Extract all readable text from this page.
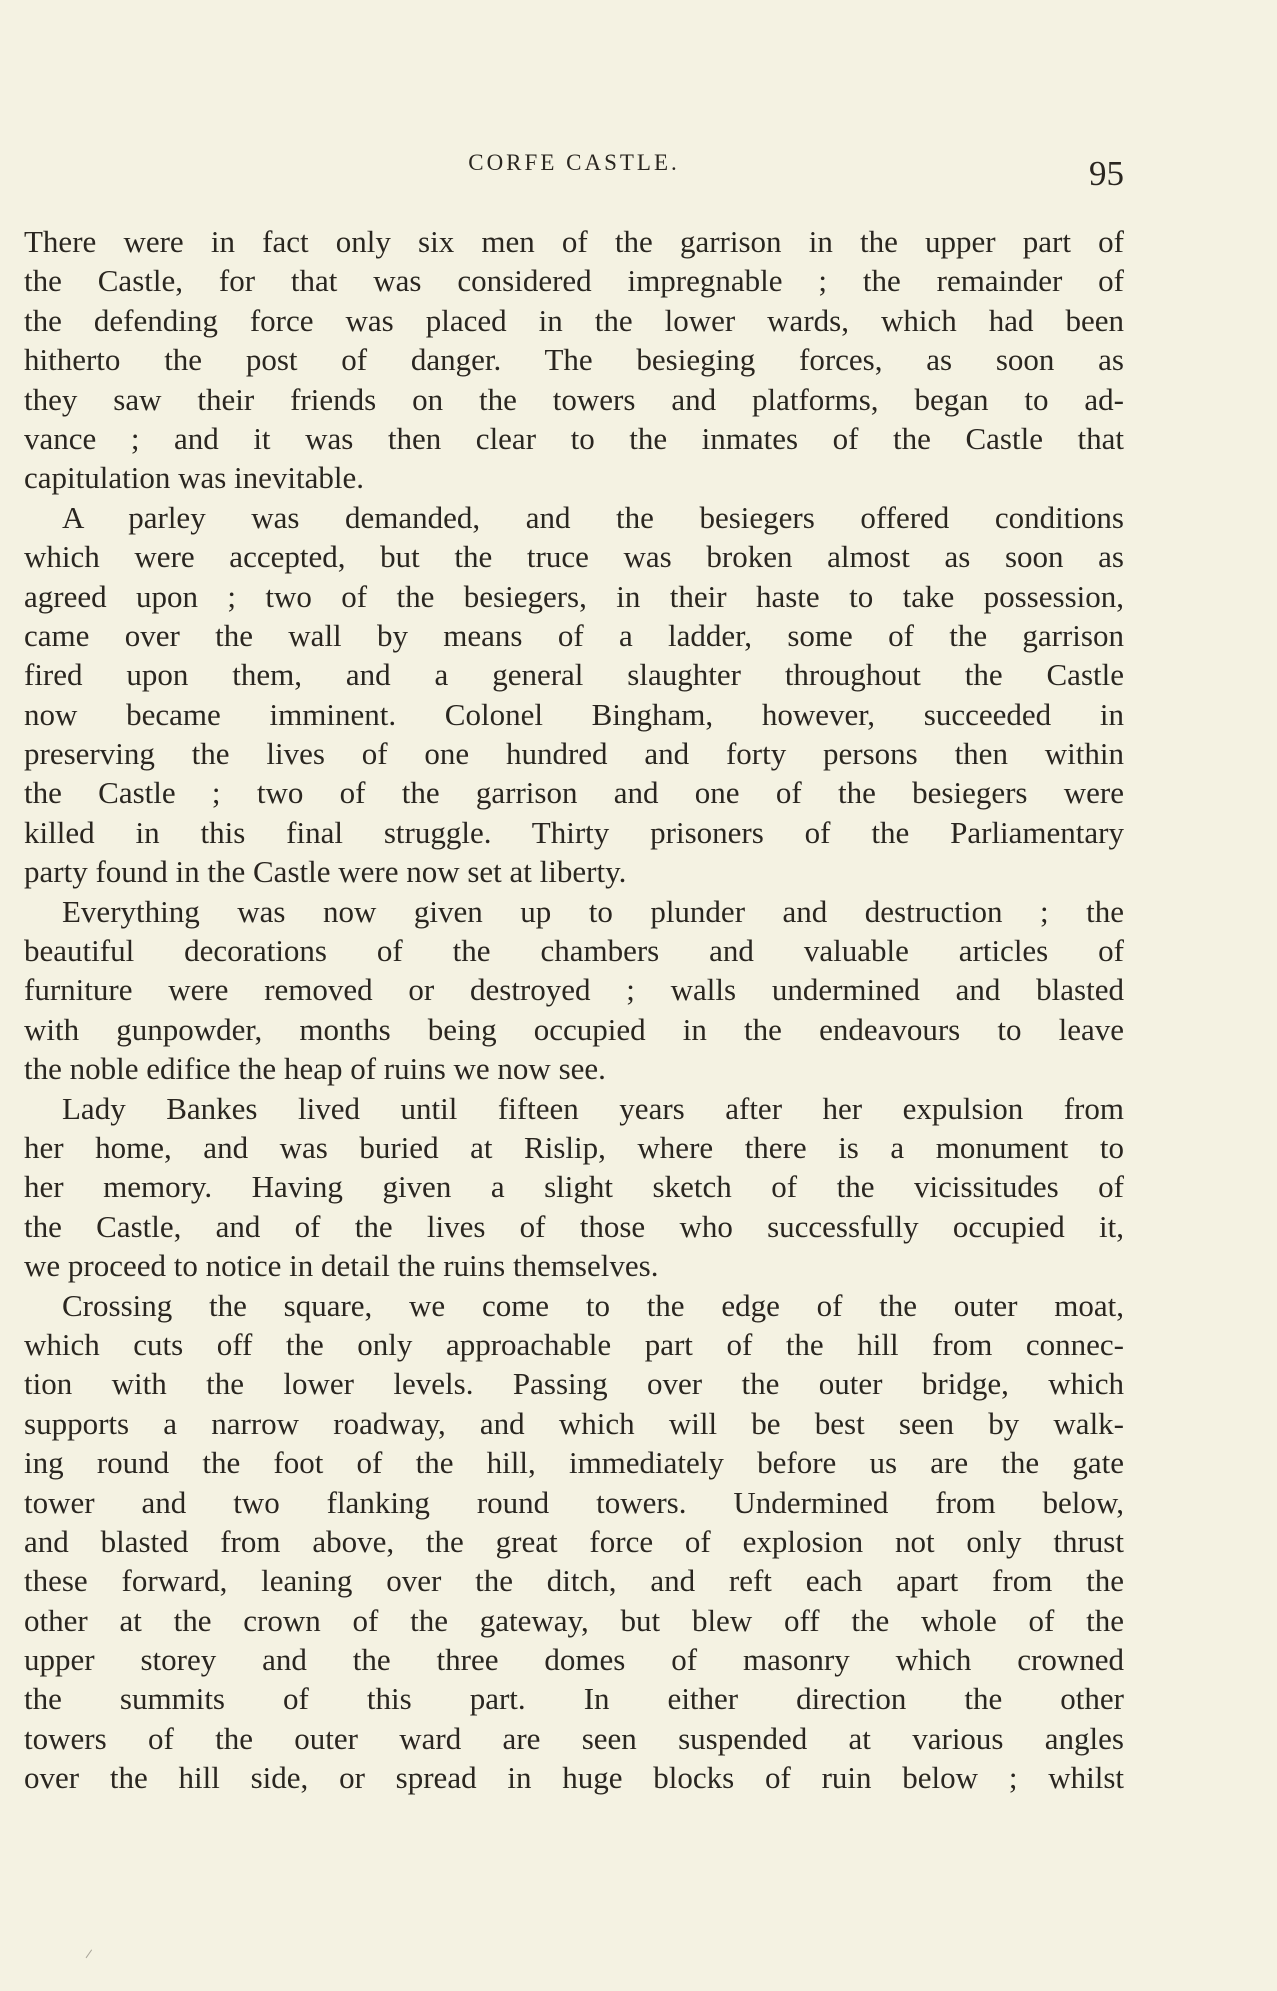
CORFE CASTLE.	95
There were in fact only six men of the garrison in the upper part of
the Castle, for that was considered impregnable ; the remainder of
the defending force was placed in the lower wards, which had been
hitherto the post of danger. The besieging forces, as soon as
they saw their friends on the towers and platforms, began to ad-
vance ; and it was then clear to the inmates of the Castle that
capitulation was inevitable.
A parley was demanded, and the besiegers offered conditions
which were accepted, but the truce was broken almost as soon as
agreed upon ; two of the besiegers, in their haste to take possession,
came over the wall by means of a ladder, some of the garrison
fired upon them, and a general slaughter throughout the Castle
now became imminent. Colonel Bingham, however, succeeded in
preserving the lives of one hundred and forty persons then within
the Castle ; two of the garrison and one of the besiegers were
killed in this final struggle. Thirty prisoners of the Parliamentary
party found in the Castle were now set at liberty.
Everything was now given up to plunder and destruction ; the
beautiful decorations of the chambers and valuable articles of
furniture were removed or destroyed ; walls undermined and blasted
with gunpowder, months being occupied in the endeavours to leave
the noble edifice the heap of ruins we now see.
Lady Bankes lived until fifteen years after her expulsion from
her home, and was buried at Rislip, where there is a monument to
her memory. Having given a slight sketch of the vicissitudes of
the Castle, and of the lives of those who successfully occupied it,
we proceed to notice in detail the ruins themselves.
Crossing the square, we come to the edge of the outer moat,
which cuts off the only approachable part of the hill from connec-
tion with the lower levels. Passing over the outer bridge, which
supports a narrow roadway, and which will be best seen by walk-
ing round the foot of the hill, immediately before us are the gate
tower and two flanking round towers. Undermined from below,
and blasted from above, the great force of explosion not only thrust
these forward, leaning over the ditch, and reft each apart from the
other at the crown of the gateway, but blew off the whole of the
upper storey and the three domes of masonry which crowned
the summits of this part. In either direction the other
towers of the outer ward are seen suspended at various angles
over the hill side, or spread in huge blocks of ruin below ; whilst
